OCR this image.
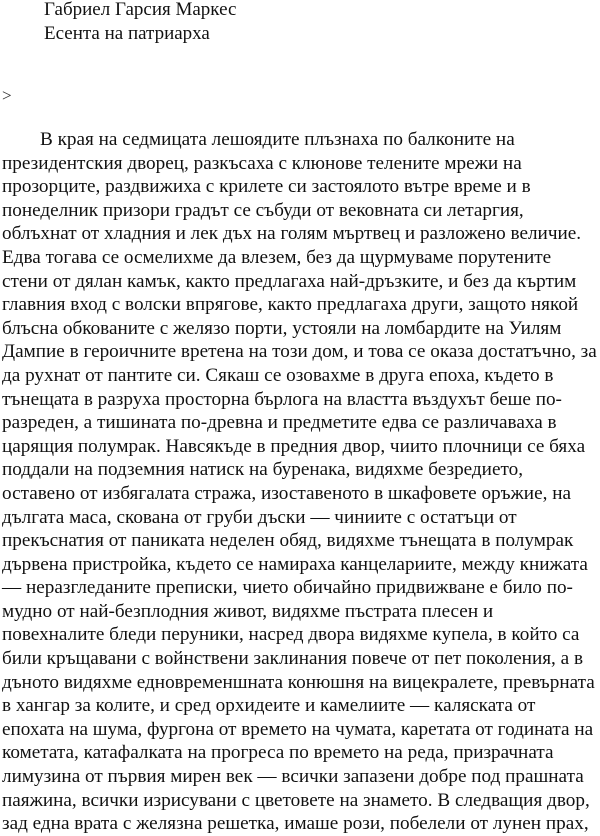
Габриел Гарсия Маркес
Есента на патриарха
>
В края на седмицата лешоядите плъзнаха по балконите на
президентския дворец, разкъсаха с клюнове телените мрежи на
прозорците, раздвижиха с крилете си застоялото вътре време и в
понеделник призори градът се събуди от вековната си летаргия,
облъхнат от хладния и лек дъх на голям мъртвец и разложено величие.
Едва тогава се осмелихме да влезем, без да щурмуваме порутените
стени от дялан камък, както предлагаха най-дръзките, и без да къртим
главния вход с волски впрягове, както предлагаха други, защото някой
блъсна обкованите с желязо порти, устояли на ломбардите на Уилям
Дампие в героичните вретена на този дом, и това се оказа достатъчно, за
да рухнат от пантите си. Сякаш се озовахме в друга епоха, където в
тънещата в разруха просторна бърлога на властта въздухът беше по-
разреден, а тишината по-древна и предметите едва се различаваха в
царящия полумрак. Навсякъде в предния двор, чиито плочници се бяха
поддали на подземния натиск на буренака, видяхме безредието,
оставено от избягалата стража, изоставеното в шкафовете оръжие, на
дългата маса, скована от груби дъски — чиниите с остатъци от
прекъснатия от паниката неделен обяд, видяхме тънещата в полумрак
дървена пристройка, където се намираха канцелариите, между книжата
— неразгледаните преписки, чието обичайно придвижване е било по-
мудно от най-безплодния живот, видяхме пъстрата плесен и
повехналите бледи перуники, насред двора видяхме купела, в който са
били кръщавани с войнствени заклинания повече от пет поколения, а в
дъното видяхме едновременшната конюшня на вицекралете, превърната
в хангар за колите, и сред орхидеите и камелиите — каляската от
епохата на шума, фургона от времето на чумата, каретата от годината на
кометата, катафалката на прогреса по времето на реда, призрачната
лимузина от първия мирен век — всички запазени добре под прашната
паяжина, всички изрисувани с цветовете на знамето. В следващия двор,
зад една врата с желязна решетка, имаше рози, побелели от лунен прах,
